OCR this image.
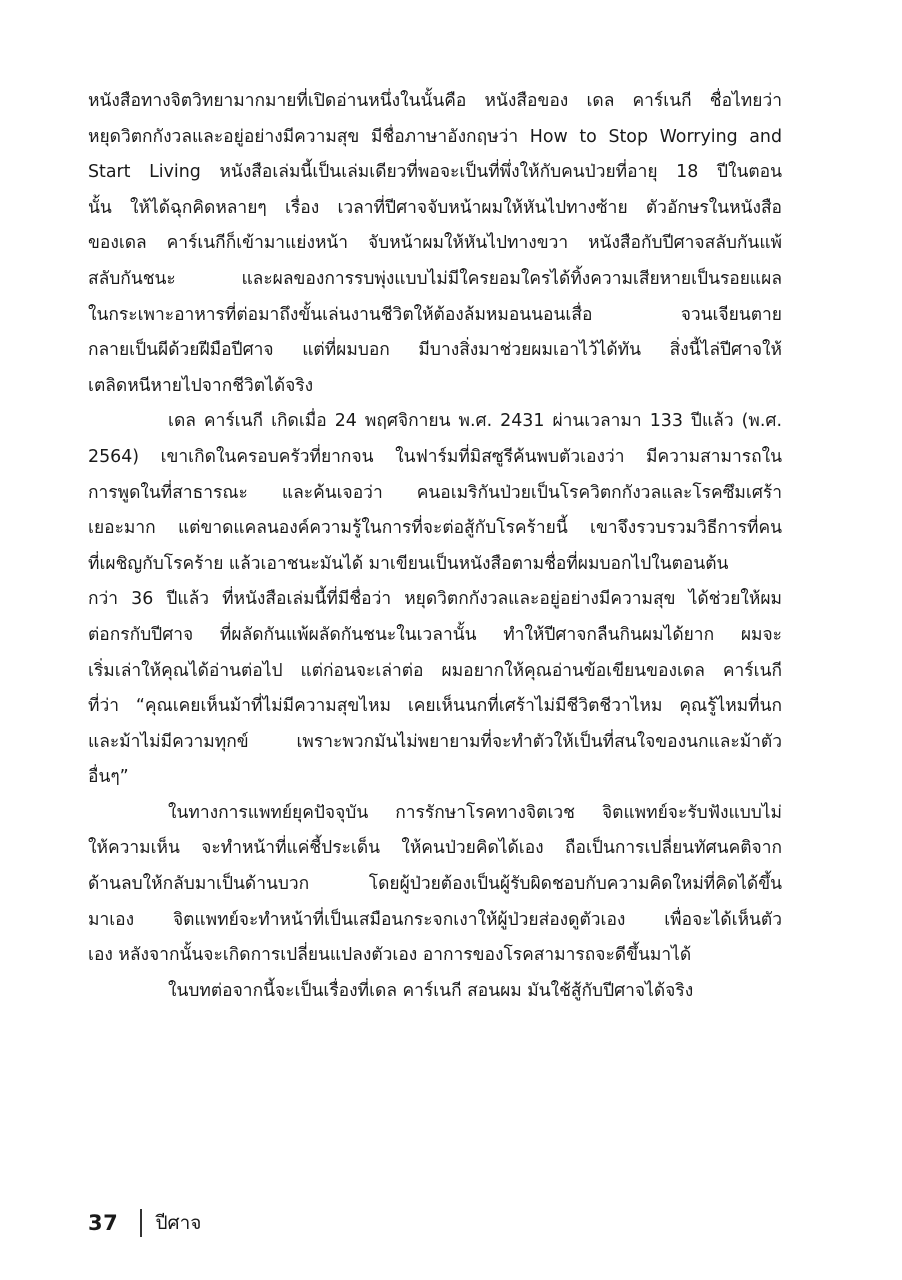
หนังสือทางจิตวิทยามากมายที่เปิดอ่านหนึ่งในนั้นคือ หนังสือของ เดล คาร์เนกี ชื่อไทยว่า
หยุดวิตกกังวลและอยู่อย่างมีความสุข มีชื่อภาษาอังกฤษว่า How to Stop Worrying and
Start Living หนังสือเล่มนี้เป็นเล่มเดียวที่พอจะเป็นที่พึ่งให้กับคนป่วยที่อายุ 18 ปีในตอน
นั้น ให้ได้ฉุกคิดหลายๆ เรื่อง เวลาที่ปีศาจจับหน้าผมให้หันไปทางซ้าย ตัวอักษรในหนังสือ
ของเดล คาร์เนกีก็เข้ามาแย่งหน้า จับหน้าผมให้หันไปทางขวา หนังสือกับปีศาจสลับกันแพ้
สลับกันชนะ และผลของการรบพุ่งแบบไม่มีใครยอมใครได้ทิ้งความเสียหายเป็นรอยแผล
ในกระเพาะอาหารที่ต่อมาถึงขั้นเล่นงานชีวิตให้ต้องล้มหมอนนอนเสื่อ จวนเจียนตาย
กลายเป็นผีด้วยฝีมือปีศาจ แต่ที่ผมบอก มีบางสิ่งมาช่วยผมเอาไว้ได้ทัน สิ่งนี้ไล่ปีศาจให้
เตลิดหนีหายไปจากชีวิตได้จริง
เดล คาร์เนกี เกิดเมื่อ 24 พฤศจิกายน พ.ศ. 2431 ผ่านเวลามา 133 ปีแล้ว (พ.ศ.
2564) เขาเกิดในครอบครัวที่ยากจน ในฟาร์มที่มิสซูรีค้นพบตัวเองว่า มีความสามารถใน
การพูดในที่สาธารณะ และค้นเจอว่า คนอเมริกันป่วยเป็นโรควิตกกังวลและโรคซึมเศร้า
เยอะมาก แต่ขาดแคลนองค์ความรู้ในการที่จะต่อสู้กับโรคร้ายนี้ เขาจึงรวบรวมวิธีการที่คน
ที่เผชิญกับโรคร้าย แล้วเอาชนะมันได้ มาเขียนเป็นหนังสือตามชื่อที่ผมบอกไปในตอนต้น
กว่า 36 ปีแล้ว ที่หนังสือเล่มนี้ที่มีชื่อว่า หยุดวิตกกังวลและอยู่อย่างมีความสุข ได้ช่วยให้ผม
ต่อกรกับปีศาจ ที่ผลัดกันแพ้ผลัดกันชนะในเวลานั้น ทำให้ปีศาจกลืนกินผมได้ยาก ผมจะ
เริ่มเล่าให้คุณได้อ่านต่อไป แต่ก่อนจะเล่าต่อ ผมอยากให้คุณอ่านข้อเขียนของเดล คาร์เนกี
ที่ว่า “คุณเคยเห็นม้าที่ไม่มีความสุขไหม เคยเห็นนกที่เศร้าไม่มีชีวิตชีวาไหม คุณรู้ไหมที่นก
และม้าไม่มีความทุกข์ เพราะพวกมันไม่พยายามที่จะทำตัวให้เป็นที่สนใจของนกและม้าตัว
อื่นๆ”
ในทางการแพทย์ยุคปัจจุบัน การรักษาโรคทางจิตเวช จิตแพทย์จะรับฟังแบบไม่
ให้ความเห็น จะทำหน้าที่แค่ชี้ประเด็น ให้คนป่วยคิดได้เอง ถือเป็นการเปลี่ยนทัศนคติจาก
ด้านลบให้กลับมาเป็นด้านบวก โดยผู้ป่วยต้องเป็นผู้รับผิดชอบกับความคิดใหม่ที่คิดได้ขึ้น
มาเอง จิตแพทย์จะทำหน้าที่เป็นเสมือนกระจกเงาให้ผู้ป่วยส่องดูตัวเอง เพื่อจะได้เห็นตัว
เอง หลังจากนั้นจะเกิดการเปลี่ยนแปลงตัวเอง อาการของโรคสามารถจะดีขึ้นมาได้
ในบทต่อจากนี้จะเป็นเรื่องที่เดล คาร์เนกี สอนผม มันใช้สู้กับปีศาจได้จริง
37	ปีศาจ
